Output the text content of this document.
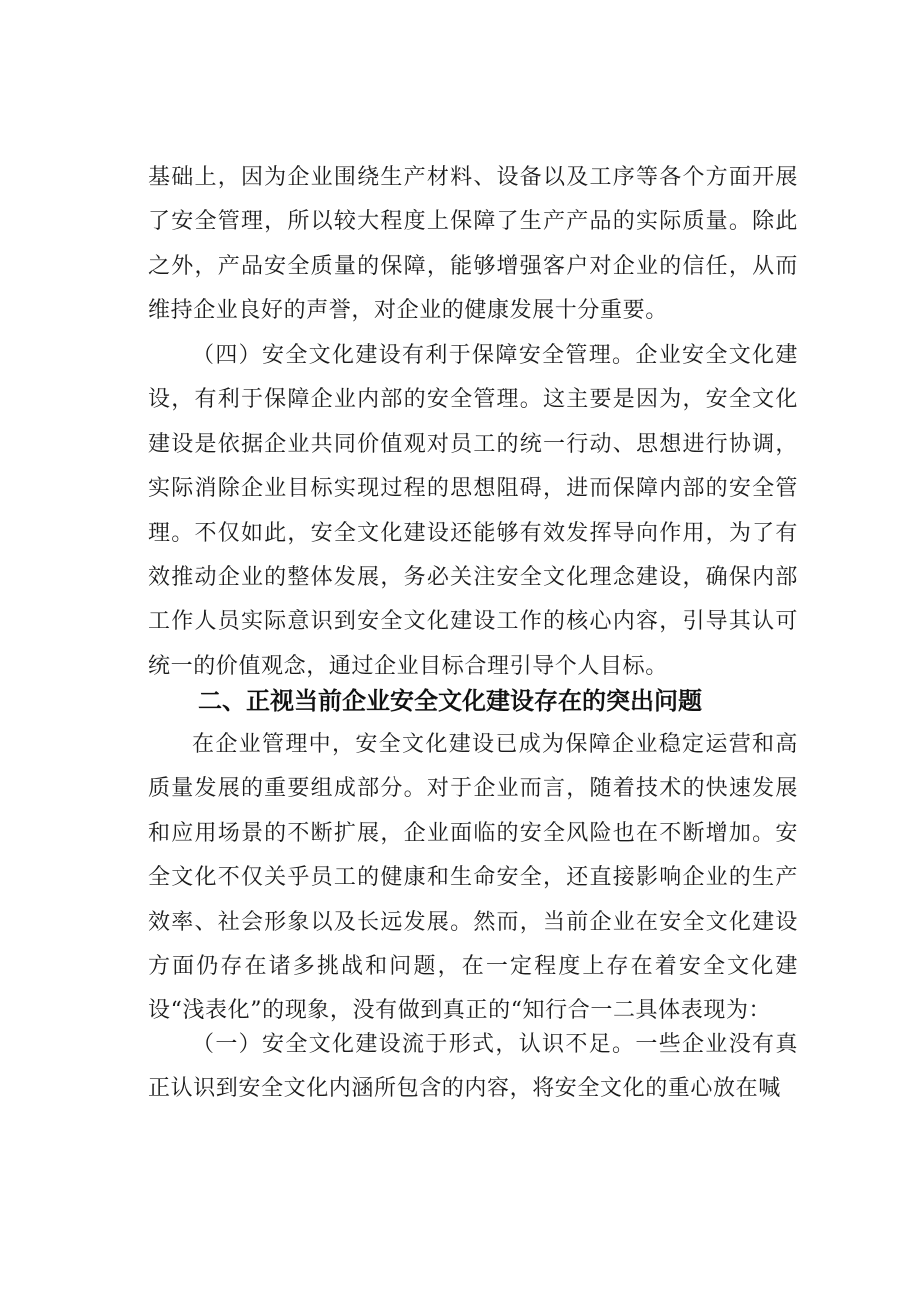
基础上，因为企业围绕生产材料、设备以及工序等各个方面开展了安全管理，所以较大程度上保障了生产产品的实际质量。除此之外，产品安全质量的保障，能够增强客户对企业的信任，从而维持企业良好的声誉，对企业的健康发展十分重要。

（四）安全文化建设有利于保障安全管理。企业安全文化建设，有利于保障企业内部的安全管理。这主要是因为，安全文化建设是依据企业共同价值观对员工的统一行动、思想进行协调，实际消除企业目标实现过程的思想阻碍，进而保障内部的安全管理。不仅如此，安全文化建设还能够有效发挥导向作用，为了有效推动企业的整体发展，务必关注安全文化理念建设，确保内部工作人员实际意识到安全文化建设工作的核心内容，引导其认可统一的价值观念，通过企业目标合理引导个人目标。

二、正视当前企业安全文化建设存在的突出问题

在企业管理中，安全文化建设已成为保障企业稳定运营和高质量发展的重要组成部分。对于企业而言，随着技术的快速发展和应用场景的不断扩展，企业面临的安全风险也在不断增加。安全文化不仅关乎员工的健康和生命安全，还直接影响企业的生产效率、社会形象以及长远发展。然而，当前企业在安全文化建设方面仍存在诸多挑战和问题，在一定程度上存在着安全文化建设“浅表化”的现象，没有做到真正的“知行合一二具体表现为：

（一）安全文化建设流于形式，认识不足。一些企业没有真正认识到安全文化内涵所包含的内容，将安全文化的重心放在喊
